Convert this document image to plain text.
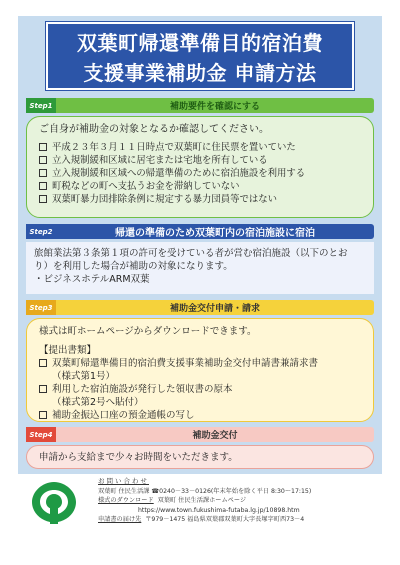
双葉町帰還準備目的宿泊費
支援事業補助金 申請方法
Step1	補助要件を確認にする
ご自身が補助金の対象となるか確認してください。
平成２３年３月１１日時点で双葉町に住民票を置いていた
立入規制緩和区域に居宅または宅地を所有している
立入規制緩和区域への帰還準備のために宿泊施設を利用する
町税などの町へ支払うお金を滞納していない
双葉町暴力団排除条例に規定する暴力団員等ではない
Step2	帰還の準備のため双葉町内の宿泊施設に宿泊
旅館業法第３条第１項の許可を受けている者が営む宿泊施設（以下のとお
り）を利用した場合が補助の対象になります。
・ビジネスホテルARM双葉
Step3	補助金交付申請・請求
様式は町ホームページからダウンロードできます。
【提出書類】
双葉町帰還準備目的宿泊費支援事業補助金交付申請書兼請求書
（様式第1号）
利用した宿泊施設が発行した領収書の原本
（様式第2号へ貼付）
補助金振込口座の預金通帳の写し
Step4	補助金交付
申請から支給まで少々お時間をいただきます。
お問い合わせ
双葉町 住民生活課 ☎0240－33－0126(年末年始を除く平日 8:30～17:15)
様式のダウンロード 双葉町 住民生活課ホームページ
https://www.town.fukushima-futaba.lg.jp/10898.htm
申請書の届け先 〒979－1475 福島県双葉郡双葉町大字長塚字町西73－4
